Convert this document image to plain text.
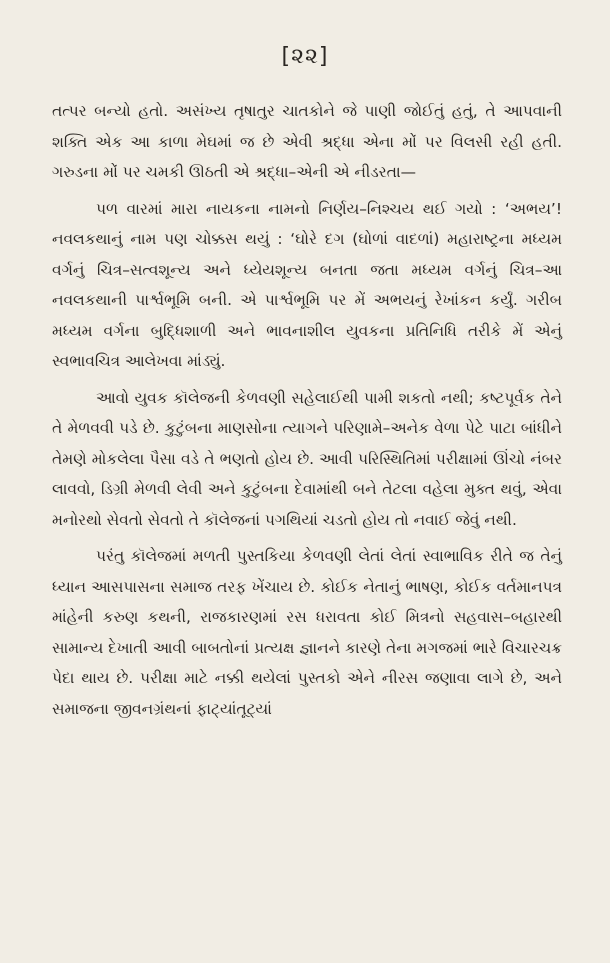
[૨૨]

તત્પર બન્યો હતો. અસંખ્ય તૃષાતુર ચાતકોને જે પાણી જોઈતું હતું, તે આપવાની શક્તિ એક આ કાળા મેઘમાં જ છે એવી શ્રદ્ધા એના મોં પર વિલસી રહી હતી. ગરુડના મોં પર ચમકી ઊઠતી એ શ્રદ્ધા–એની એ નીડરતા—

પળ વારમાં મારા નાયકના નામનો નિર્ણય–નિશ્ચય થઈ ગયો : ‘અભય’! નવલકથાનું નામ પણ ચોક્કસ થયું : ‘ઘોરે દગ (ઘોળાં વાદળાં) મહારાષ્ટ્રના મધ્યમ વર્ગનું ચિત્ર–સત્વશૂન્ય અને ધ્યેયશૂન્ય બનતા જતા મધ્યમ વર્ગનું ચિત્ર–આ નવલકથાની પાર્શ્વભૂમિ બની. એ પાર્શ્વભૂમિ પર મેં અભયનું રેખાંકન કર્યું. ગરીબ મધ્યમ વર્ગના બુદ્ધિશાળી અને ભાવનાશીલ યુવકના પ્રતિનિધિ તરીકે મેં એનું સ્વભાવચિત્ર આલેખવા માંડ્યું.

આવો યુવક કૉલેજની કેળવણી સહેલાઈથી પામી શકતો નથી; કષ્ટપૂર્વક તેને તે મેળવવી પડે છે. કુટુંબના માણસોના ત્યાગને પરિણામે–અનેક વેળા પેટે પાટા બાંધીને તેમણે મોકલેલા પૈસા વડે તે ભણતો હોય છે. આવી પરિસ્થિતિમાં પરીક્ષામાં ઊંચો નંબર લાવવો, ડિગ્રી મેળવી લેવી અને કુટુંબના દેવામાંથી બને તેટલા વહેલા મુક્ત થવું, એવા મનોરથો સેવતો સેવતો તે કૉલેજનાં પગથિયાં ચડતો હોય તો નવાઈ જેવું નથી.

પરંતુ કૉલેજમાં મળતી પુસ્તકિયા કેળવણી લેતાં લેતાં સ્વાભાવિક રીતે જ તેનું ધ્યાન આસપાસના સમાજ તરફ ખેંચાય છે. કોઈક નેતાનું ભાષણ, કોઈક વર્તમાનપત્ર માંહેની કરુણ કથની, રાજકારણમાં રસ ધરાવતા કોઈ મિત્રનો સહવાસ–બહારથી સામાન્ય દેખાતી આવી બાબતોનાં પ્રત્યક્ષ જ્ઞાનને કારણે તેના મગજમાં ભારે વિચારચક્ર પેદા થાય છે. પરીક્ષા માટે નક્કી થયેલાં પુસ્તકો એને નીરસ જણાવા લાગે છે, અને સમાજના જીવનગ્રંથનાં ફાટ્યાંતૂટ્યાં
